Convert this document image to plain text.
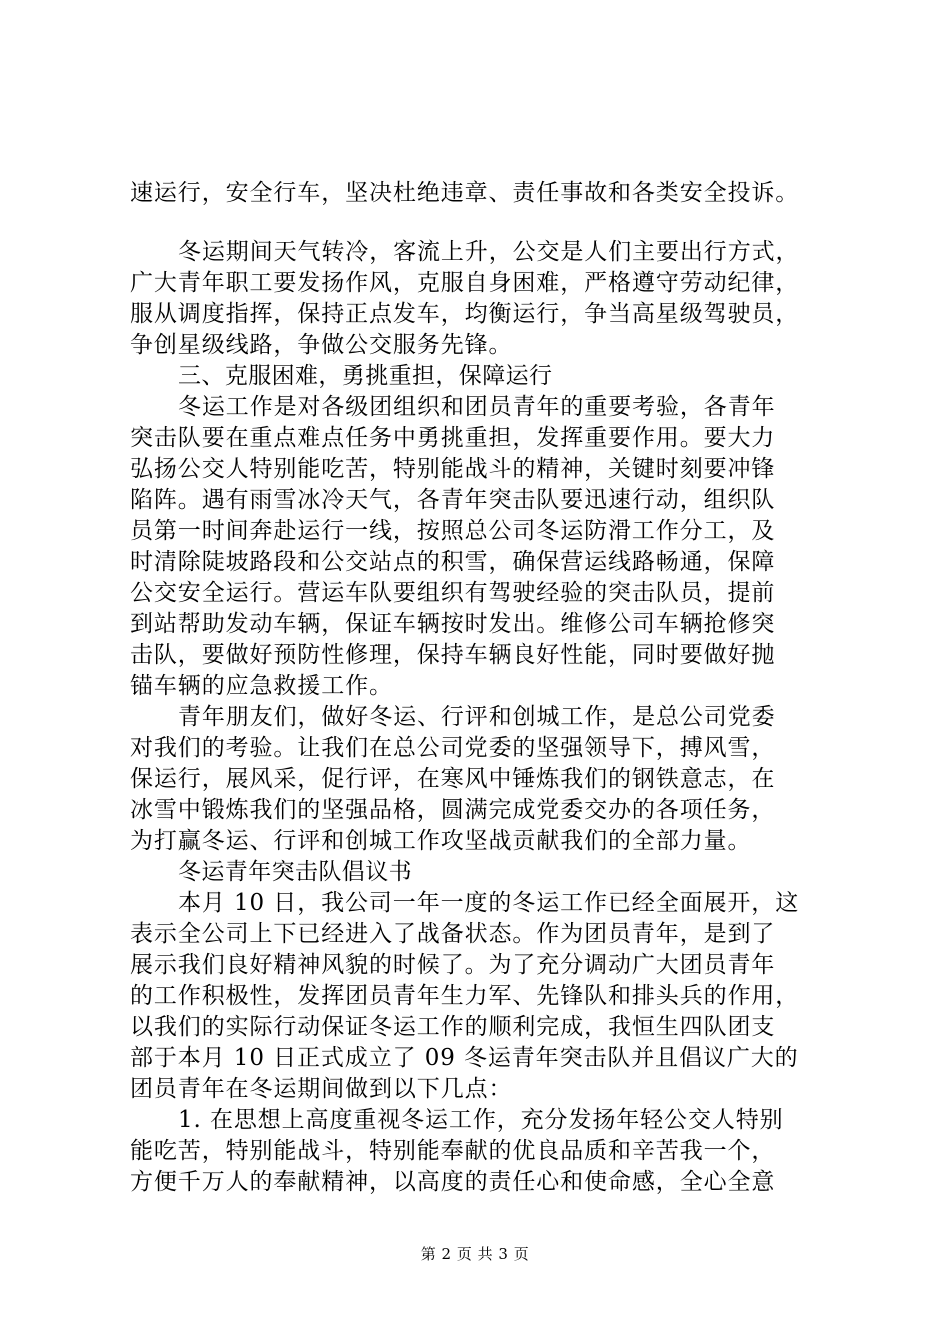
速运行，安全行车，坚决杜绝违章、责任事故和各类安全投诉。
冬运期间天气转冷，客流上升，公交是人们主要出行方式，
广大青年职工要发扬作风，克服自身困难，严格遵守劳动纪律，
服从调度指挥，保持正点发车，均衡运行，争当高星级驾驶员，
争创星级线路，争做公交服务先锋。
三、克服困难，勇挑重担，保障运行
冬运工作是对各级团组织和团员青年的重要考验，各青年
突击队要在重点难点任务中勇挑重担，发挥重要作用。要大力
弘扬公交人特别能吃苦，特别能战斗的精神，关键时刻要冲锋
陷阵。遇有雨雪冰冷天气，各青年突击队要迅速行动，组织队
员第一时间奔赴运行一线，按照总公司冬运防滑工作分工，及
时清除陡坡路段和公交站点的积雪，确保营运线路畅通，保障
公交安全运行。营运车队要组织有驾驶经验的突击队员，提前
到站帮助发动车辆，保证车辆按时发出。维修公司车辆抢修突
击队，要做好预防性修理，保持车辆良好性能，同时要做好抛
锚车辆的应急救援工作。
青年朋友们，做好冬运、行评和创城工作，是总公司党委
对我们的考验。让我们在总公司党委的坚强领导下，搏风雪，
保运行，展风采，促行评，在寒风中锤炼我们的钢铁意志，在
冰雪中锻炼我们的坚强品格，圆满完成党委交办的各项任务，
为打赢冬运、行评和创城工作攻坚战贡献我们的全部力量。
冬运青年突击队倡议书
本月 10 日，我公司一年一度的冬运工作已经全面展开，这
表示全公司上下已经进入了战备状态。作为团员青年，是到了
展示我们良好精神风貌的时候了。为了充分调动广大团员青年
的工作积极性，发挥团员青年生力军、先锋队和排头兵的作用，
以我们的实际行动保证冬运工作的顺利完成，我恒生四队团支
部于本月 10 日正式成立了 09 冬运青年突击队并且倡议广大的
团员青年在冬运期间做到以下几点：
1. 在思想上高度重视冬运工作，充分发扬年轻公交人特别
能吃苦，特别能战斗，特别能奉献的优良品质和辛苦我一个，
方便千万人的奉献精神，以高度的责任心和使命感，全心全意
第 2 页 共 3 页
